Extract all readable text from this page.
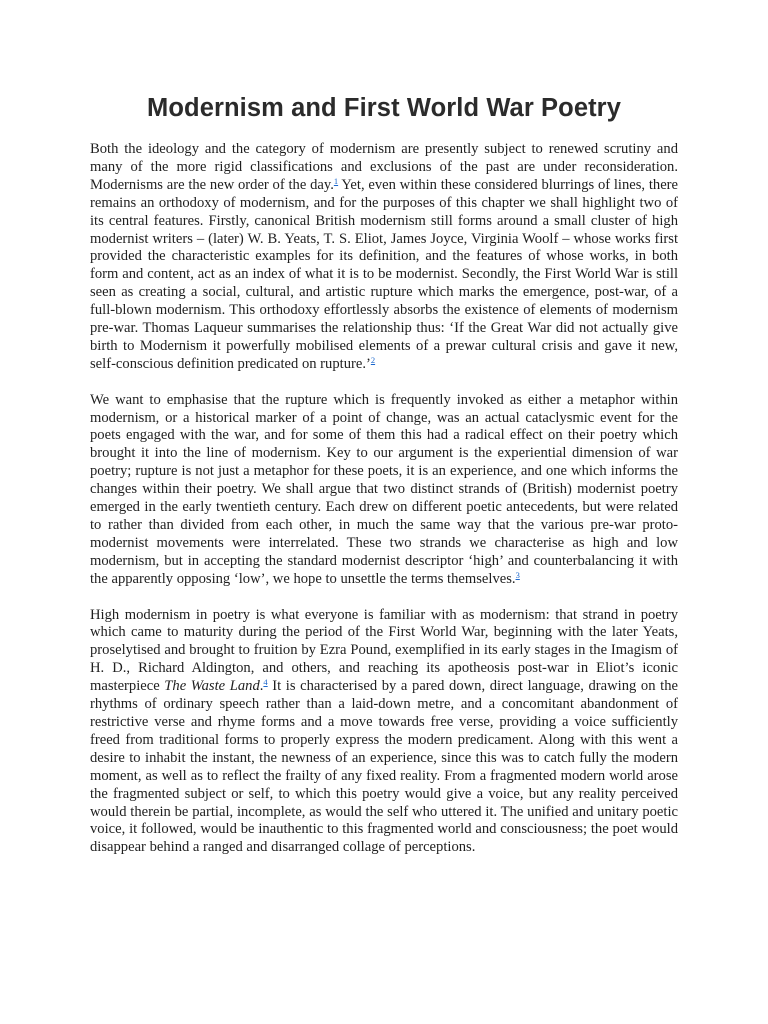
Modernism and First World War Poetry

Both the ideology and the category of modernism are presently subject to renewed scrutiny and many of the more rigid classifications and exclusions of the past are under reconsideration. Modernisms are the new order of the day.$^1$ Yet, even within these considered blurrings of lines, there remains an orthodoxy of modernism, and for the purposes of this chapter we shall highlight two of its central features. Firstly, canonical British modernism still forms around a small cluster of high modernist writers – (later) W. B. Yeats, T. S. Eliot, James Joyce, Virginia Woolf – whose works first provided the characteristic examples for its definition, and the features of whose works, in both form and content, act as an index of what it is to be modernist. Secondly, the First World War is still seen as creating a social, cultural, and artistic rupture which marks the emergence, post-war, of a full-blown modernism. This orthodoxy effortlessly absorbs the existence of elements of modernism pre-war. Thomas Laqueur summarises the relationship thus: ‘If the Great War did not actually give birth to Modernism it powerfully mobilised elements of a prewar cultural crisis and gave it new, self-conscious definition predicated on rupture.’$^2$

We want to emphasise that the rupture which is frequently invoked as either a metaphor within modernism, or a historical marker of a point of change, was an actual cataclysmic event for the poets engaged with the war, and for some of them this had a radical effect on their poetry which brought it into the line of modernism. Key to our argument is the experiential dimension of war poetry; rupture is not just a metaphor for these poets, it is an experience, and one which informs the changes within their poetry. We shall argue that two distinct strands of (British) modernist poetry emerged in the early twentieth century. Each drew on different poetic antecedents, but were related to rather than divided from each other, in much the same way that the various pre-war proto-modernist movements were interrelated. These two strands we characterise as high and low modernism, but in accepting the standard modernist descriptor ‘high’ and counterbalancing it with the apparently opposing ‘low’, we hope to unsettle the terms themselves.$^3$

High modernism in poetry is what everyone is familiar with as modernism: that strand in poetry which came to maturity during the period of the First World War, beginning with the later Yeats, proselytised and brought to fruition by Ezra Pound, exemplified in its early stages in the Imagism of H. D., Richard Aldington, and others, and reaching its apotheosis post-war in Eliot’s iconic masterpiece The Waste Land.$^4$ It is characterised by a pared down, direct language, drawing on the rhythms of ordinary speech rather than a laid-down metre, and a concomitant abandonment of restrictive verse and rhyme forms and a move towards free verse, providing a voice sufficiently freed from traditional forms to properly express the modern predicament. Along with this went a desire to inhabit the instant, the newness of an experience, since this was to catch fully the modern moment, as well as to reflect the frailty of any fixed reality. From a fragmented modern world arose the fragmented subject or self, to which this poetry would give a voice, but any reality perceived would therein be partial, incomplete, as would the self who uttered it. The unified and unitary poetic voice, it followed, would be inauthentic to this fragmented world and consciousness; the poet would disappear behind a ranged and disarranged collage of perceptions.
